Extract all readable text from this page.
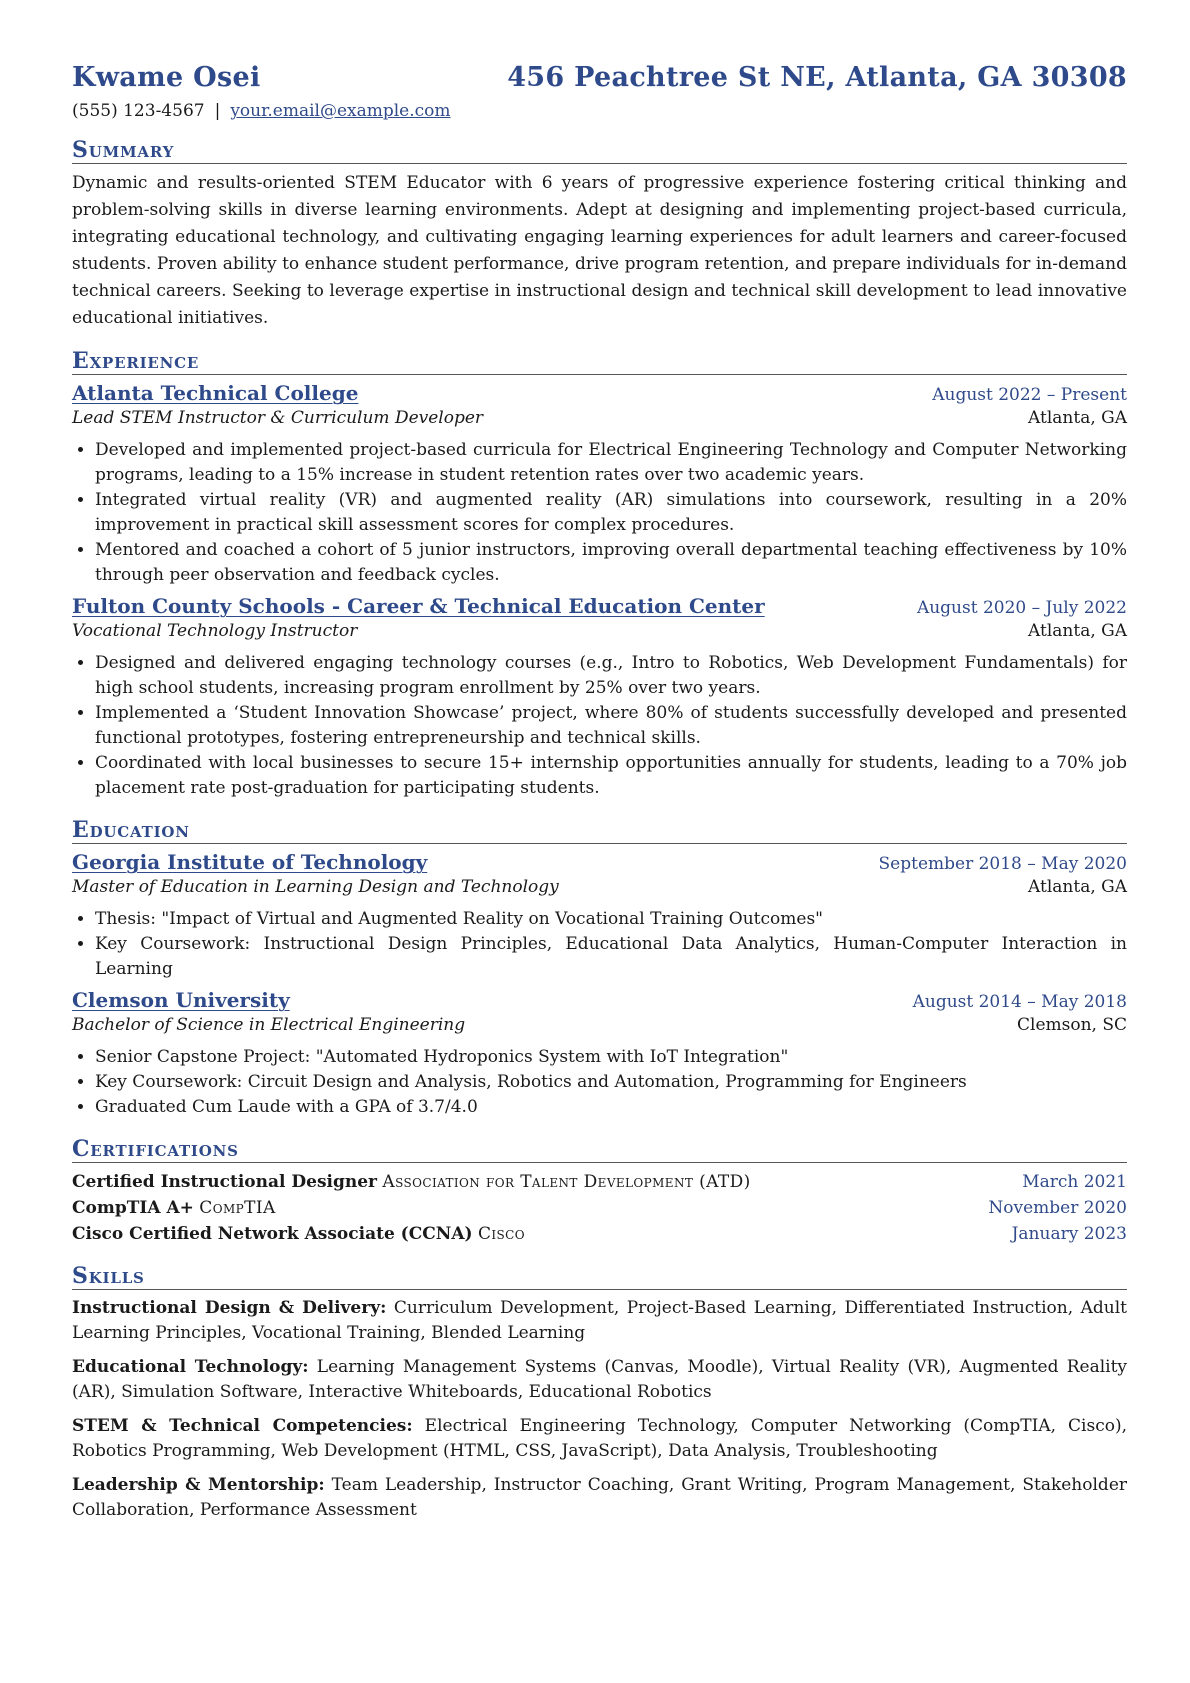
Kwame Osei	456 Peachtree St NE, Atlanta, GA 30308
(555) 123-4567 | your.email@example.com
Summary
Dynamic and results-oriented STEM Educator with 6 years of progressive experience fostering critical thinking and problem-solving skills in diverse learning environments. Adept at designing and implementing project-based curricula, integrating educational technology, and cultivating engaging learning experiences for adult learners and career-focused students. Proven ability to enhance student performance, drive program retention, and prepare individuals for in-demand technical careers. Seeking to leverage expertise in instructional design and technical skill development to lead innovative educational initiatives.
Experience
Atlanta Technical College	August 2022 – Present
Lead STEM Instructor & Curriculum Developer	Atlanta, GA
• Developed and implemented project-based curricula for Electrical Engineering Technology and Computer Networking programs, leading to a 15% increase in student retention rates over two academic years.
• Integrated virtual reality (VR) and augmented reality (AR) simulations into coursework, resulting in a 20% improvement in practical skill assessment scores for complex procedures.
• Mentored and coached a cohort of 5 junior instructors, improving overall departmental teaching effectiveness by 10% through peer observation and feedback cycles.
Fulton County Schools - Career & Technical Education Center	August 2020 – July 2022
Vocational Technology Instructor	Atlanta, GA
• Designed and delivered engaging technology courses (e.g., Intro to Robotics, Web Development Fundamentals) for high school students, increasing program enrollment by 25% over two years.
• Implemented a ‘Student Innovation Showcase’ project, where 80% of students successfully developed and presented functional prototypes, fostering entrepreneurship and technical skills.
• Coordinated with local businesses to secure 15+ internship opportunities annually for students, leading to a 70% job placement rate post-graduation for participating students.
Education
Georgia Institute of Technology	September 2018 – May 2020
Master of Education in Learning Design and Technology	Atlanta, GA
• Thesis: "Impact of Virtual and Augmented Reality on Vocational Training Outcomes"
• Key Coursework: Instructional Design Principles, Educational Data Analytics, Human-Computer Interaction in Learning
Clemson University	August 2014 – May 2018
Bachelor of Science in Electrical Engineering	Clemson, SC
• Senior Capstone Project: "Automated Hydroponics System with IoT Integration"
• Key Coursework: Circuit Design and Analysis, Robotics and Automation, Programming for Engineers
• Graduated Cum Laude with a GPA of 3.7/4.0
Certifications
Certified Instructional Designer Association for Talent Development (ATD)	March 2021
CompTIA A+ CompTIA	November 2020
Cisco Certified Network Associate (CCNA) Cisco	January 2023
Skills
Instructional Design & Delivery: Curriculum Development, Project-Based Learning, Differentiated Instruction, Adult Learning Principles, Vocational Training, Blended Learning
Educational Technology: Learning Management Systems (Canvas, Moodle), Virtual Reality (VR), Augmented Reality (AR), Simulation Software, Interactive Whiteboards, Educational Robotics
STEM & Technical Competencies: Electrical Engineering Technology, Computer Networking (CompTIA, Cisco), Robotics Programming, Web Development (HTML, CSS, JavaScript), Data Analysis, Troubleshooting
Leadership & Mentorship: Team Leadership, Instructor Coaching, Grant Writing, Program Management, Stakeholder Collaboration, Performance Assessment
